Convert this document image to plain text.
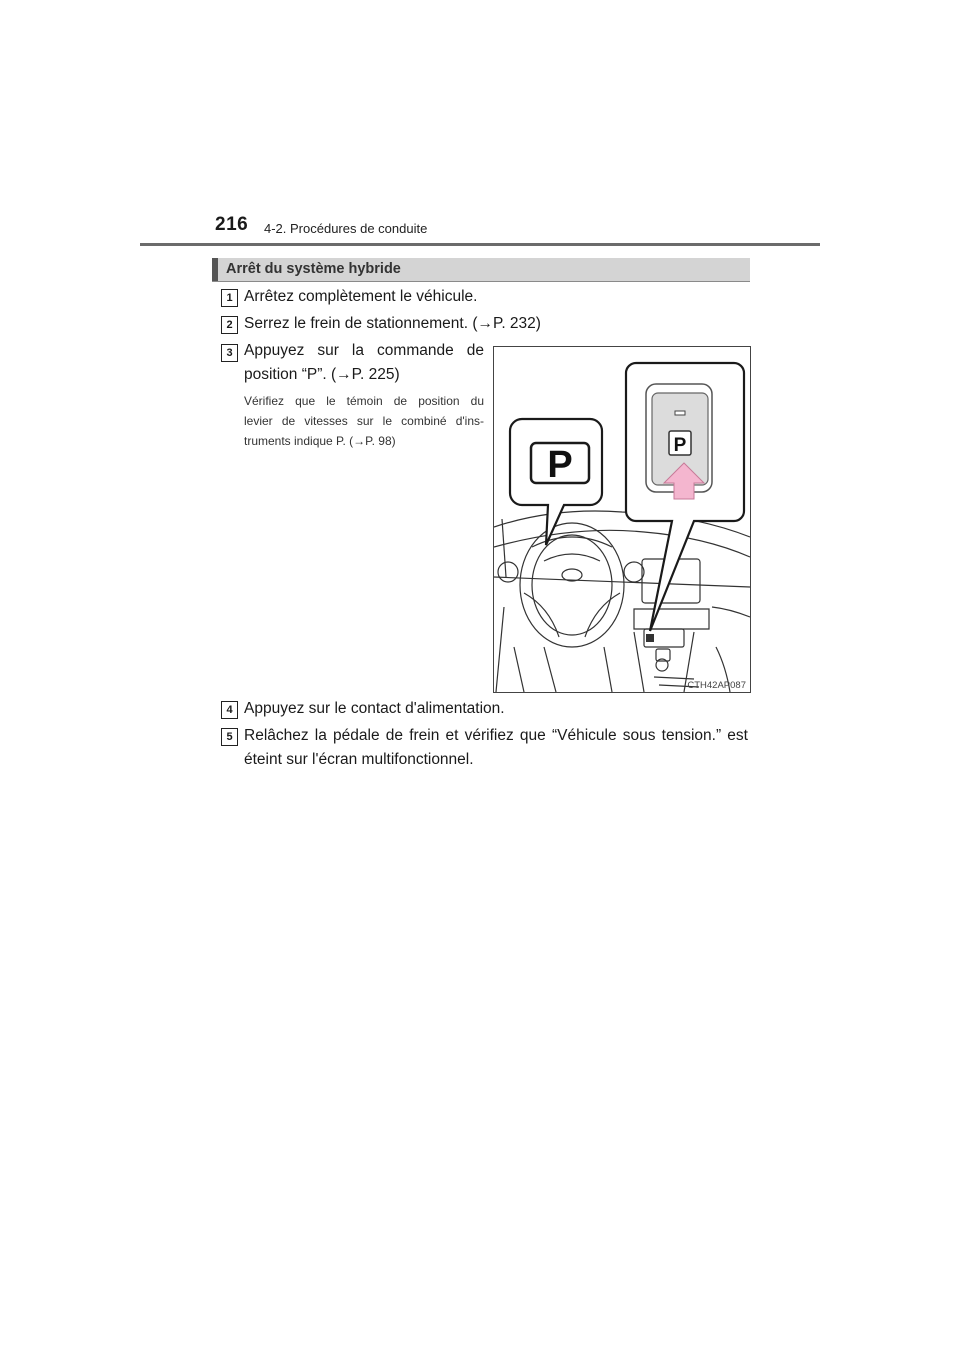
216 4-2. Procédures de conduite
Arrêt du système hybride
1 Arrêtez complètement le véhicule.
2 Serrez le frein de stationnement. (→P. 232)
3 Appuyez sur la commande de
position “P”. (→P. 225)
Vérifiez que le témoin de position du
levier de vitesses sur le combiné d'ins-
truments indique P. (→P. 98)
P	P
CTH42AP087
4 Appuyez sur le contact d'alimentation.
5 Relâchez la pédale de frein et vérifiez que “Véhicule sous tension.” est
éteint sur l'écran multifonctionnel.
